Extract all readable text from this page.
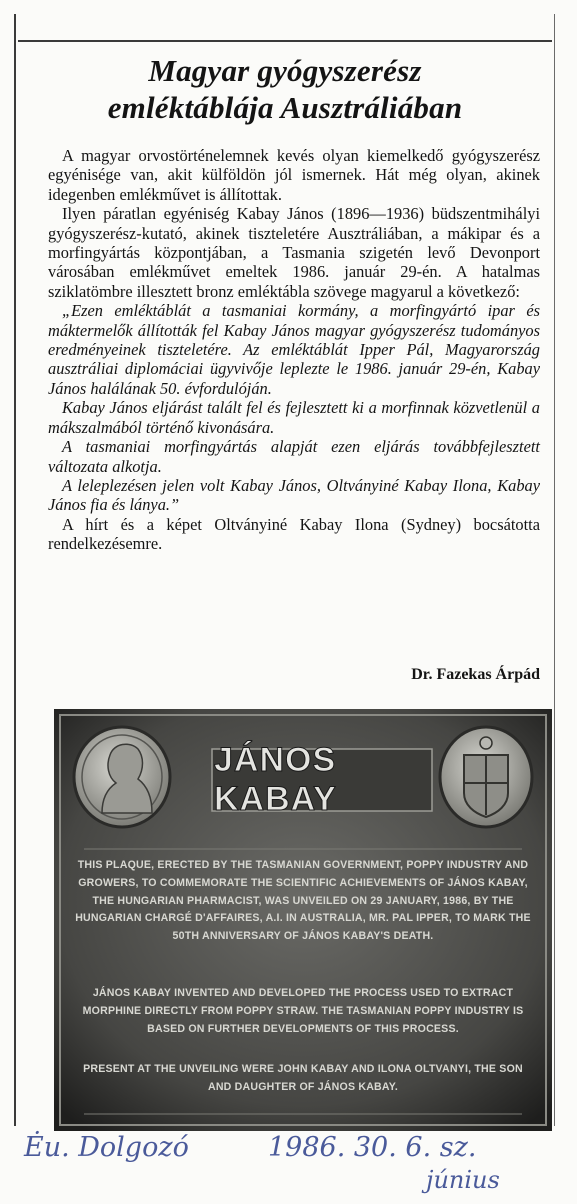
Magyar gyógyszerész
emléktáblája Ausztráliában

A magyar orvostörténelemnek kevés olyan kiemelkedő gyógyszerész egyénisége van, akit külföldön jól ismernek. Hát még olyan, akinek idegenben emlékművet is állítottak.

Ilyen páratlan egyéniség Kabay János (1896—1936) büdszentmihályi gyógyszerész-kutató, akinek tiszteletére Ausztráliában, a mákipar és a morfingyártás központjában, a Tasmania szigetén levő Devonport városában emlékművet emeltek 1986. január 29-én. A hatalmas sziklatömbre illesztett bronz emléktábla szövege magyarul a következő:

„Ezen emléktáblát a tasmaniai kormány, a morfingyártó ipar és máktermelők állították fel Kabay János magyar gyógyszerész tudományos eredményeinek tiszteletére. Az emléktáblát Ipper Pál, Magyarország ausztráliai diplomáciai ügyvivője leplezte le 1986. január 29-én, Kabay János halálának 50. évfordulóján.

Kabay János eljárást talált fel és fejlesztett ki a morfinnak közvetlenül a mákszalmából történő kivonására.

A tasmaniai morfingyártás alapját ezen eljárás továbbfejlesztett változata alkotja.

A leleplezésen jelen volt Kabay János, Oltványiné Kabay Ilona, Kabay János fia és lánya.”

A hírt és a képet Oltványiné Kabay Ilona (Sydney) bocsátotta rendelkezésemre.

Dr. Fazekas Árpád
JÁNOS KABAY
THIS PLAQUE, ERECTED BY THE TASMANIAN GOVERNMENT, POPPY INDUSTRY AND GROWERS, TO COMMEMORATE THE SCIENTIFIC ACHIEVEMENTS OF JÁNOS KABAY, THE HUNGARIAN PHARMACIST, WAS UNVEILED ON 29 JANUARY, 1986, BY THE HUNGARIAN CHARGÉ D'AFFAIRES, A.I. IN AUSTRALIA, MR. PAL IPPER, TO MARK THE 50TH ANNIVERSARY OF JÁNOS KABAY'S DEATH.
JÁNOS KABAY INVENTED AND DEVELOPED THE PROCESS USED TO EXTRACT MORPHINE DIRECTLY FROM POPPY STRAW. THE TASMANIAN POPPY INDUSTRY IS BASED ON FURTHER DEVELOPMENTS OF THIS PROCESS.
PRESENT AT THE UNVEILING WERE JOHN KABAY AND ILONA OLTVANYI, THE SON AND DAUGHTER OF JÁNOS KABAY.
Ėu. Dolgozó	1986. 30. 6. sz.
június
